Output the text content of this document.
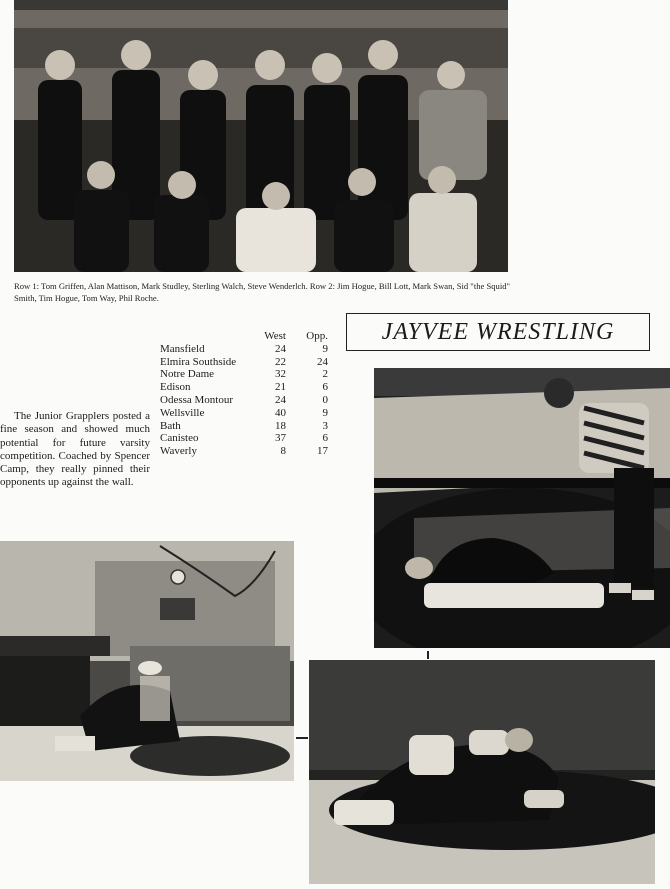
Row 1: Tom Griffen, Alan Mattison, Mark Studley, Sterling Walch, Steve Wenderlch. Row 2: Jim Hogue, Bill Lott, Mark Swan, Sid "the Squid" Smith, Tim Hogue, Tom Way, Phil Roche.
JAYVEE WRESTLING
	West	Opp.
Mansfield	24	9
Elmira Southside	22	24
Notre Dame	32	2
Edison	21	6
Odessa Montour	24	0
Wellsville	40	9
Bath	18	3
Canisteo	37	6
Waverly	8	17

The Junior Grapplers posted a fine season and showed much potential for future varsity competition. Coached by Spencer Camp, they really pinned their opponents up against the wall.
